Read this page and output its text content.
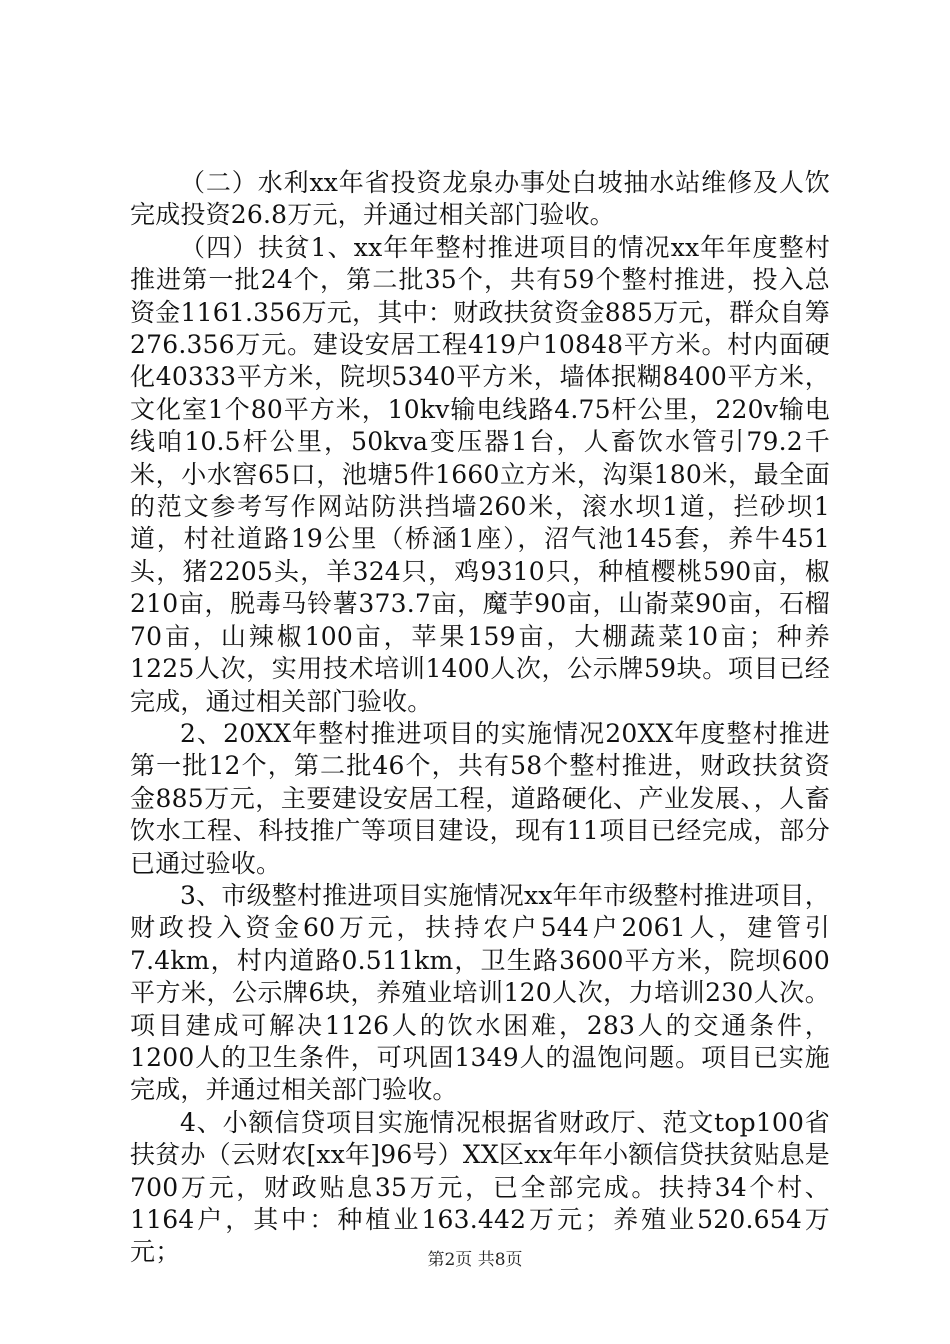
（二）水利xx年省投资龙泉办事处白坡抽水站维修及人饮完成投资26.8万元，并通过相关部门验收。

（四）扶贫1、xx年年整村推进项目的情况xx年年度整村推进第一批24个，第二批35个，共有59个整村推进，投入总资金1161.356万元，其中：财政扶贫资金885万元，群众自筹276.356万元。建设安居工程419户10848平方米。村内面硬化40333平方米，院坝5340平方米，墙体抿糊8400平方米，文化室1个80平方米，10kv输电线路4.75杆公里，220v输电线咱10.5杆公里，50kva变压器1台，人畜饮水管引79.2千米，小水窖65口，池塘5件1660立方米，沟渠180米，最全面的范文参考写作网站防洪挡墙260米，滚水坝1道，拦砂坝1道，村社道路19公里（桥涵1座），沼气池145套，养牛451头，猪2205头，羊324只，鸡9310只，种植樱桃590亩，椒210亩，脱毒马铃薯373.7亩，魔芋90亩，山嵛菜90亩，石榴70亩，山辣椒100亩，苹果159亩，大棚蔬菜10亩；种养1225人次，实用技术培训1400人次，公示牌59块。项目已经完成，通过相关部门验收。

2、20XX年整村推进项目的实施情况20XX年度整村推进第一批12个，第二批46个，共有58个整村推进，财政扶贫资金885万元，主要建设安居工程，道路硬化、产业发展、，人畜饮水工程、科技推广等项目建设，现有11项目已经完成，部分已通过验收。

3、市级整村推进项目实施情况xx年年市级整村推进项目，财政投入资金60万元，扶持农户544户2061人，建管引7.4km，村内道路0.511km，卫生路3600平方米，院坝600平方米，公示牌6块，养殖业培训120人次，力培训230人次。项目建成可解决1126人的饮水困难，283人的交通条件，1200人的卫生条件，可巩固1349人的温饱问题。项目已实施完成，并通过相关部门验收。

4、小额信贷项目实施情况根据省财政厅、范文top100省扶贫办（云财农[xx年]96号）XX区xx年年小额信贷扶贫贴息是700万元，财政贴息35万元，已全部完成。扶持34个村、1164户，其中：种植业163.442万元；养殖业520.654万元；	第2页 共8页
